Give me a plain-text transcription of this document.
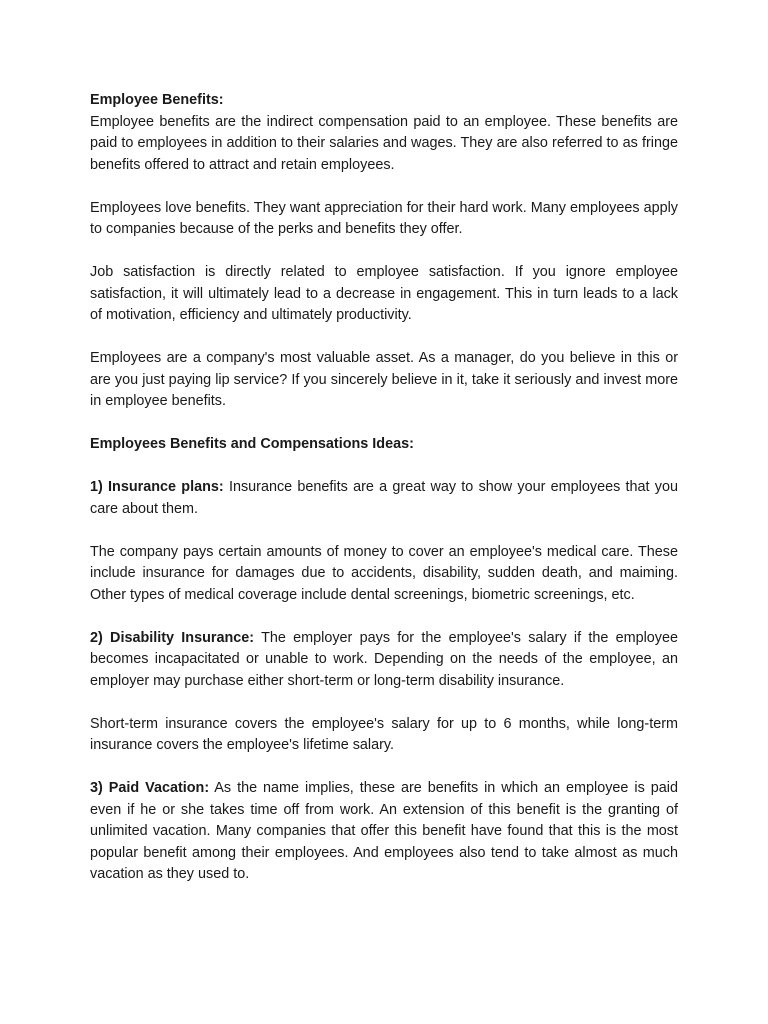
Employee Benefits:

Employee benefits are the indirect compensation paid to an employee. These benefits are paid to employees in addition to their salaries and wages. They are also referred to as fringe benefits offered to attract and retain employees.

Employees love benefits. They want appreciation for their hard work. Many employees apply to companies because of the perks and benefits they offer.

Job satisfaction is directly related to employee satisfaction. If you ignore employee satisfaction, it will ultimately lead to a decrease in engagement. This in turn leads to a lack of motivation, efficiency and ultimately productivity.

Employees are a company's most valuable asset. As a manager, do you believe in this or are you just paying lip service? If you sincerely believe in it, take it seriously and invest more in employee benefits.

Employees Benefits and Compensations Ideas:

1) Insurance plans: Insurance benefits are a great way to show your employees that you care about them.

The company pays certain amounts of money to cover an employee's medical care. These include insurance for damages due to accidents, disability, sudden death, and maiming. Other types of medical coverage include dental screenings, biometric screenings, etc.

2) Disability Insurance: The employer pays for the employee's salary if the employee becomes incapacitated or unable to work. Depending on the needs of the employee, an employer may purchase either short-term or long-term disability insurance.

Short-term insurance covers the employee's salary for up to 6 months, while long-term insurance covers the employee's lifetime salary.

3) Paid Vacation: As the name implies, these are benefits in which an employee is paid even if he or she takes time off from work. An extension of this benefit is the granting of unlimited vacation. Many companies that offer this benefit have found that this is the most popular benefit among their employees. And employees also tend to take almost as much vacation as they used to.
